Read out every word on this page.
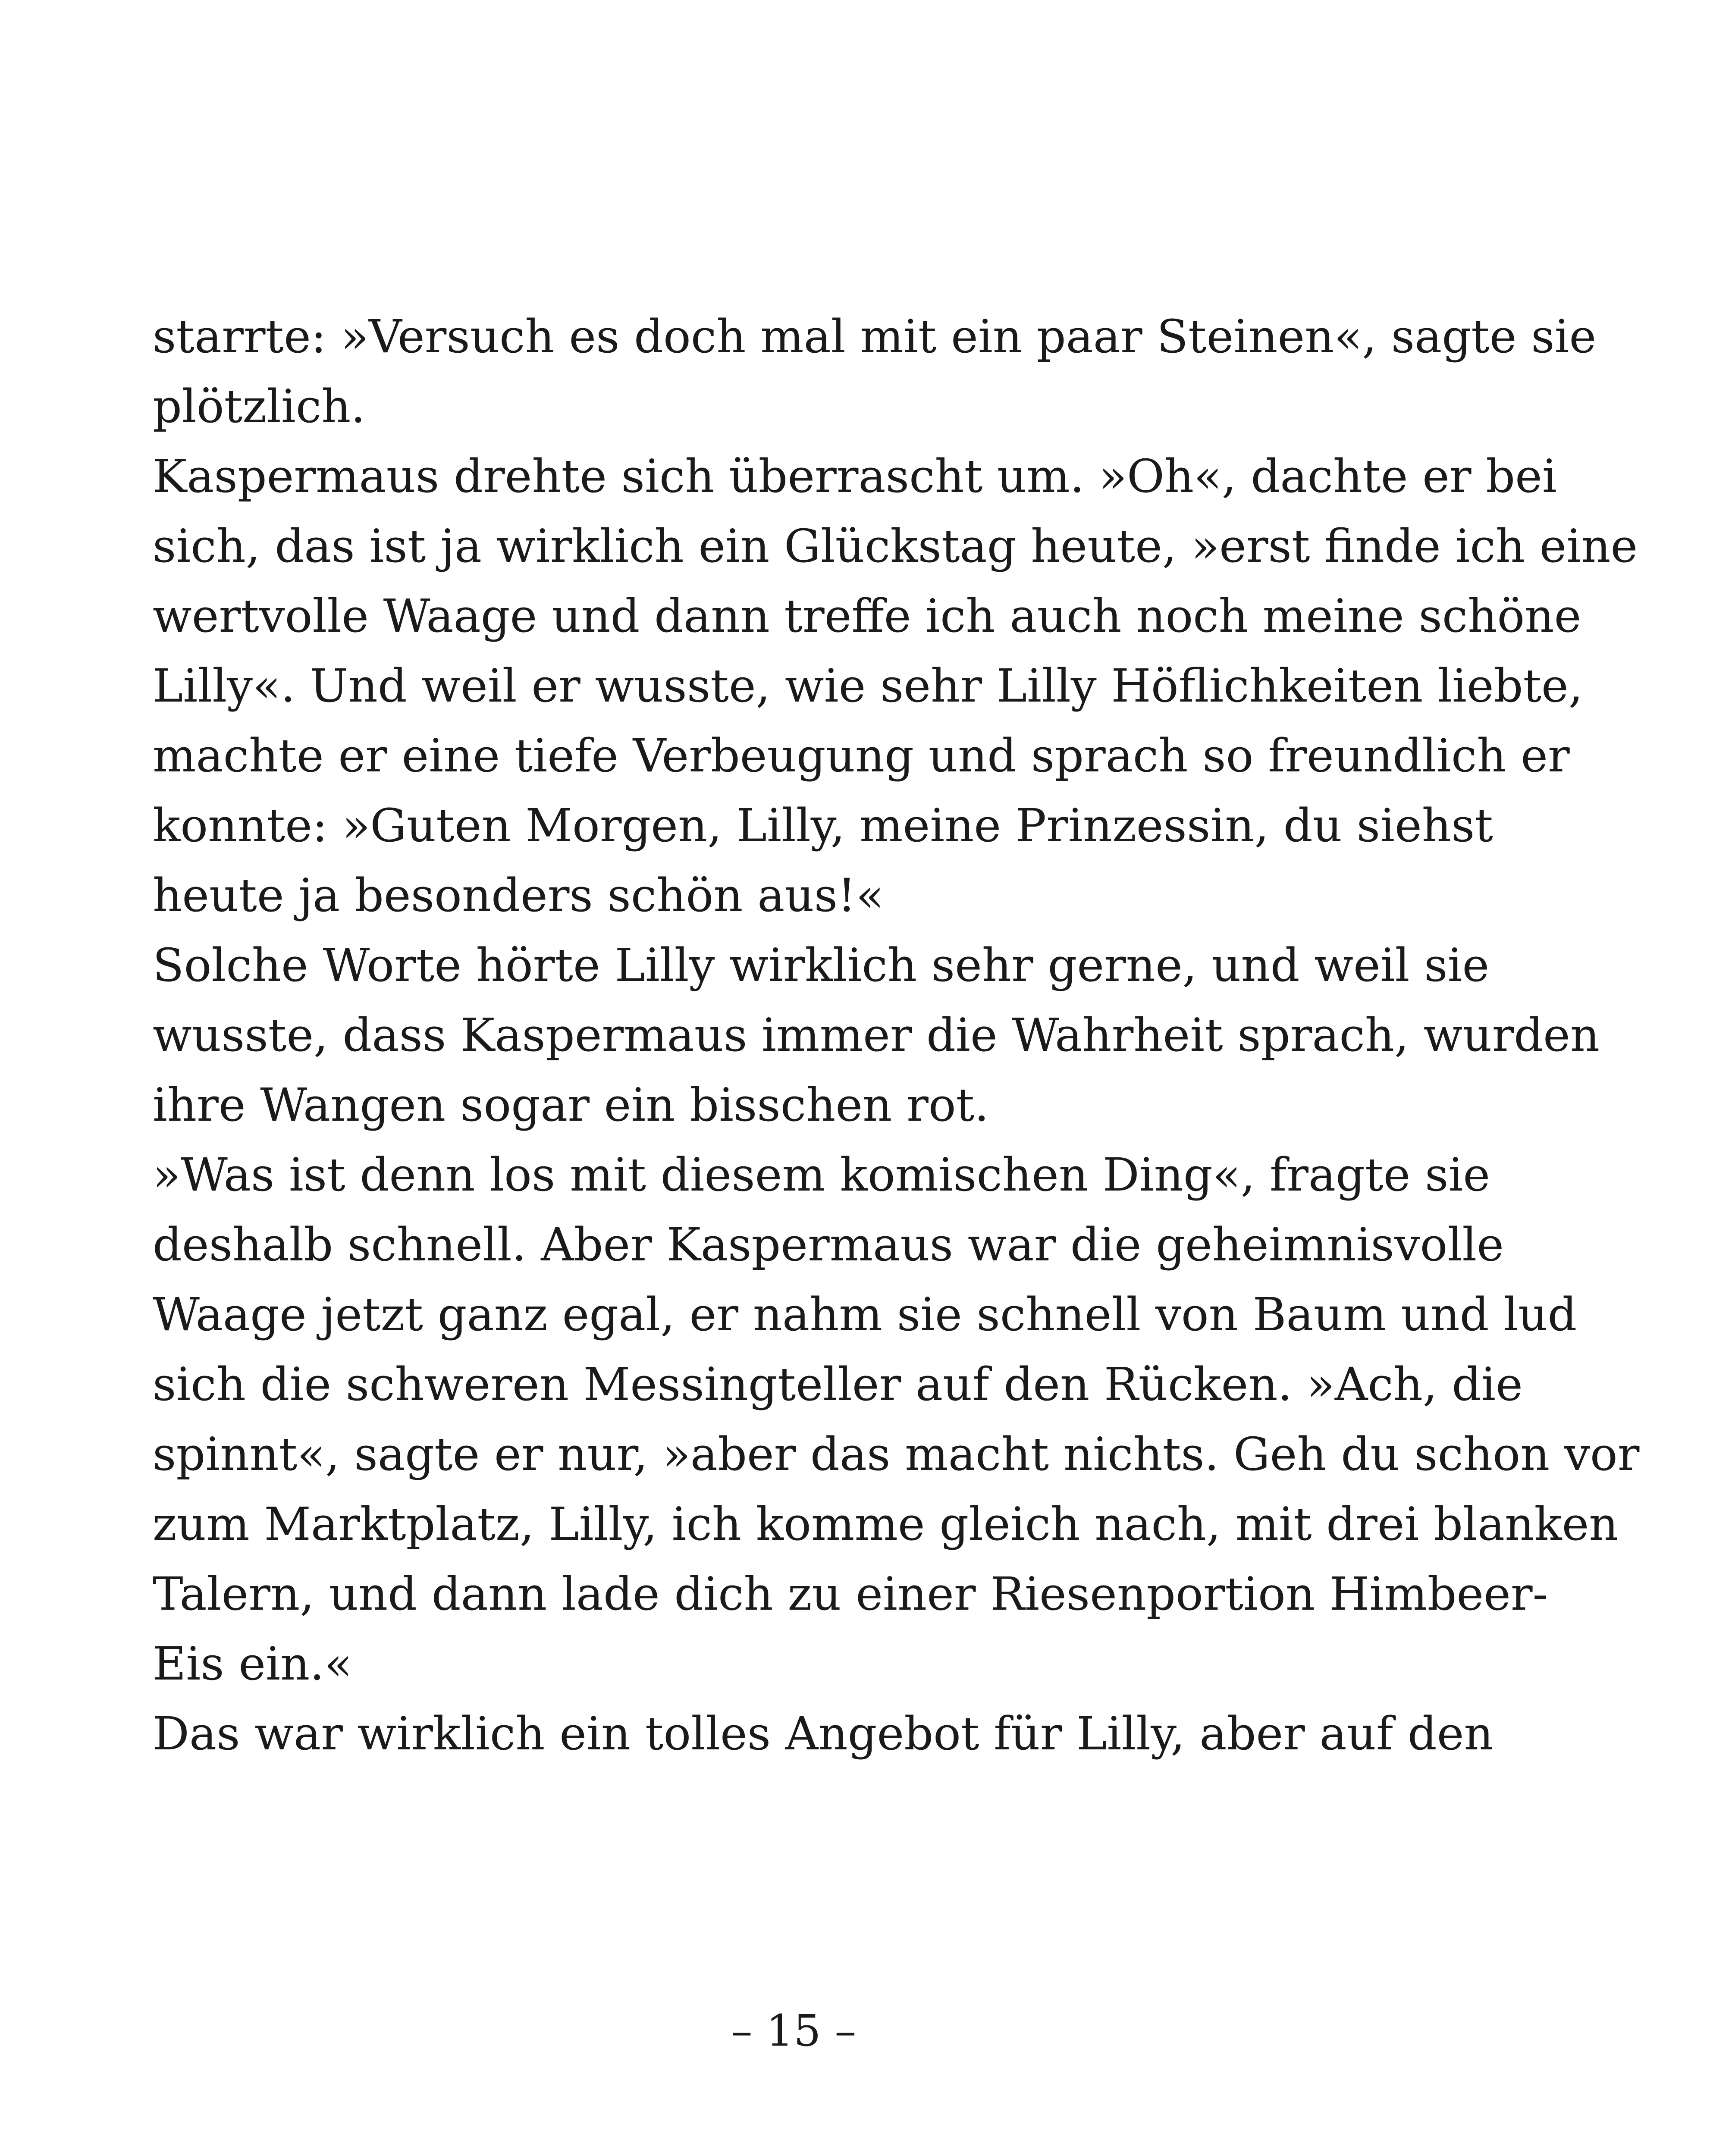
starrte: »Versuch es doch mal mit ein paar Steinen«, sagte sie
plötzlich.
Kaspermaus drehte sich überrascht um. »Oh«, dachte er bei
sich, das ist ja wirklich ein Glückstag heute, »erst finde ich eine
wertvolle Waage und dann treffe ich auch noch meine schöne
Lilly«. Und weil er wusste, wie sehr Lilly Höflichkeiten liebte,
machte er eine tiefe Verbeugung und sprach so freundlich er
konnte: »Guten Morgen, Lilly, meine Prinzessin, du siehst
heute ja besonders schön aus!«
Solche Worte hörte Lilly wirklich sehr gerne, und weil sie
wusste, dass Kaspermaus immer die Wahrheit sprach, wurden
ihre Wangen sogar ein bisschen rot.
»Was ist denn los mit diesem komischen Ding«, fragte sie
deshalb schnell. Aber Kaspermaus war die geheimnisvolle
Waage jetzt ganz egal, er nahm sie schnell von Baum und lud
sich die schweren Messingteller auf den Rücken. »Ach, die
spinnt«, sagte er nur, »aber das macht nichts. Geh du schon vor
zum Marktplatz, Lilly, ich komme gleich nach, mit drei blanken
Talern, und dann lade dich zu einer Riesenportion Himbeer-
Eis ein.«
Das war wirklich ein tolles Angebot für Lilly, aber auf den
– 15 –
